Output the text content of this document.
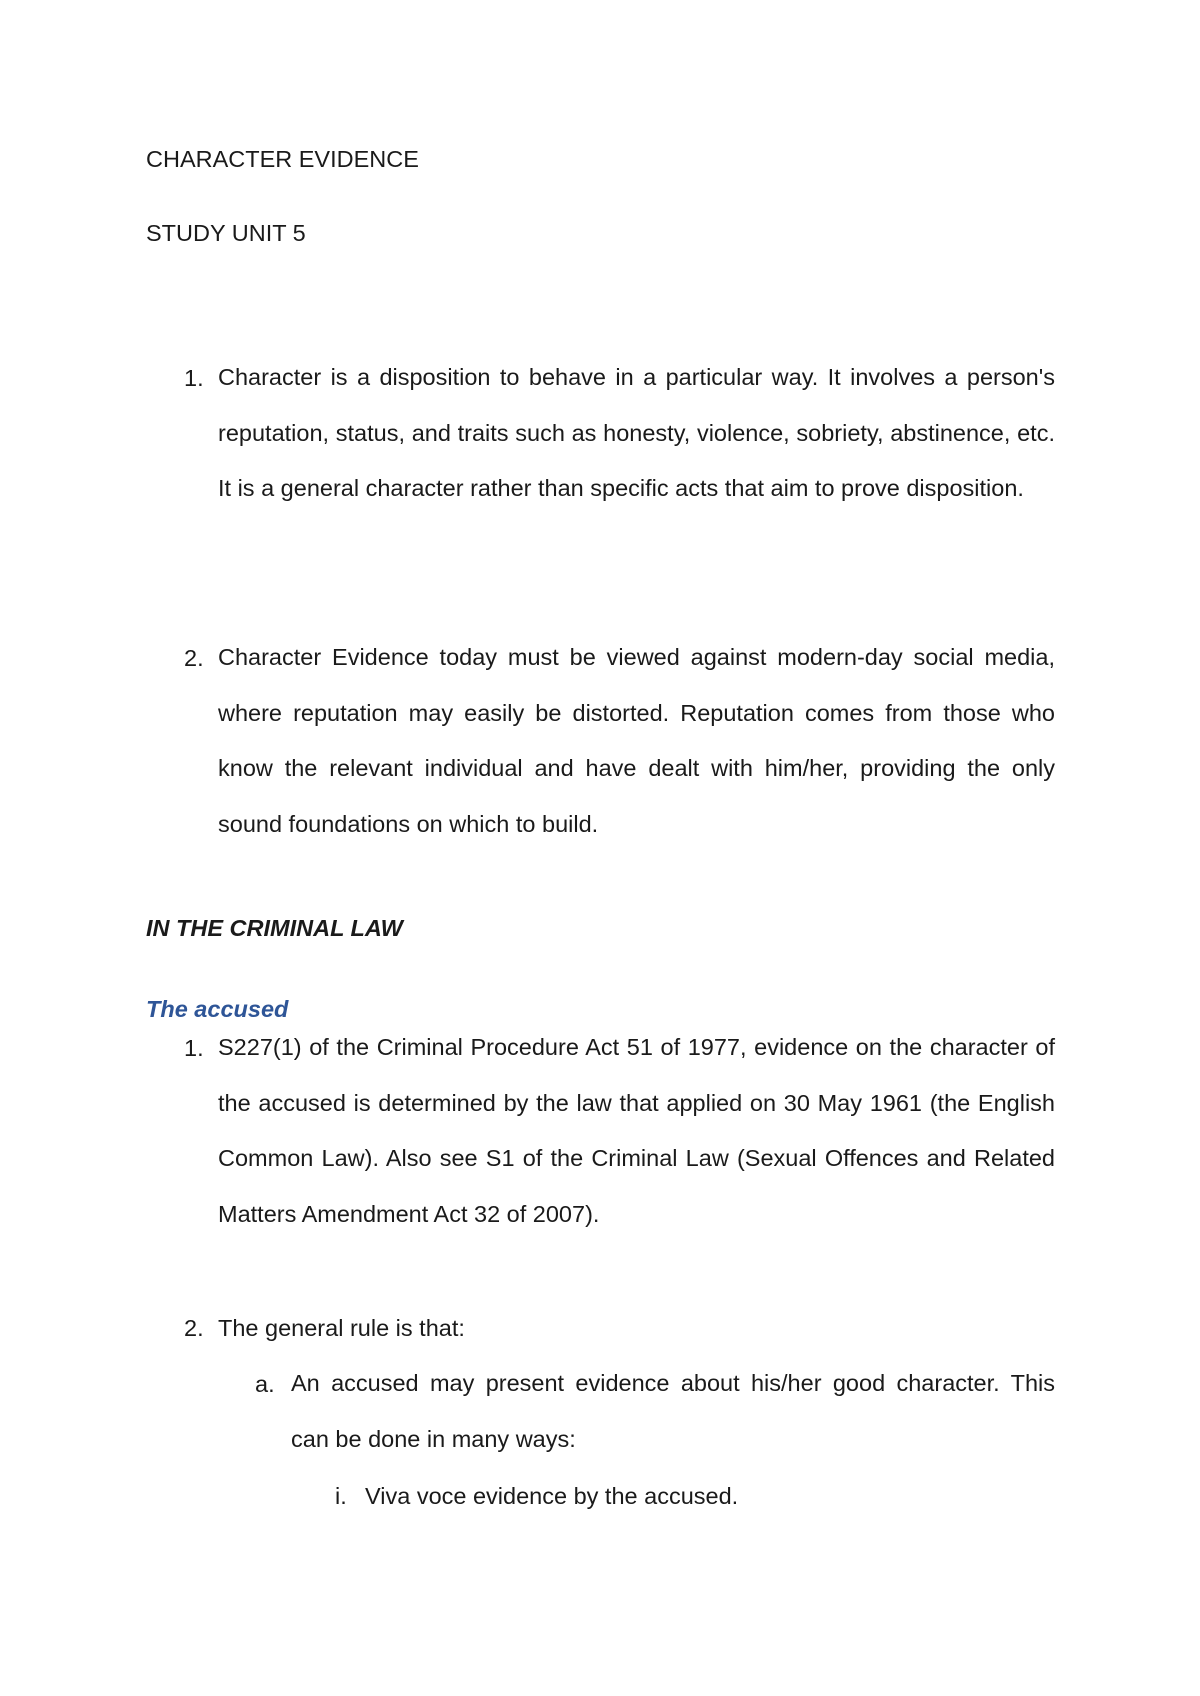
CHARACTER EVIDENCE
STUDY UNIT 5
1. Character is a disposition to behave in a particular way. It involves a person's reputation, status, and traits such as honesty, violence, sobriety, abstinence, etc. It is a general character rather than specific acts that aim to prove disposition.
2. Character Evidence today must be viewed against modern-day social media, where reputation may easily be distorted. Reputation comes from those who know the relevant individual and have dealt with him/her, providing the only sound foundations on which to build.
IN THE CRIMINAL LAW
The accused
1. S227(1) of the Criminal Procedure Act 51 of 1977, evidence on the character of the accused is determined by the law that applied on 30 May 1961 (the English Common Law). Also see S1 of the Criminal Law (Sexual Offences and Related Matters Amendment Act 32 of 2007).
2. The general rule is that:
a. An accused may present evidence about his/her good character. This can be done in many ways:
i. Viva voce evidence by the accused.
